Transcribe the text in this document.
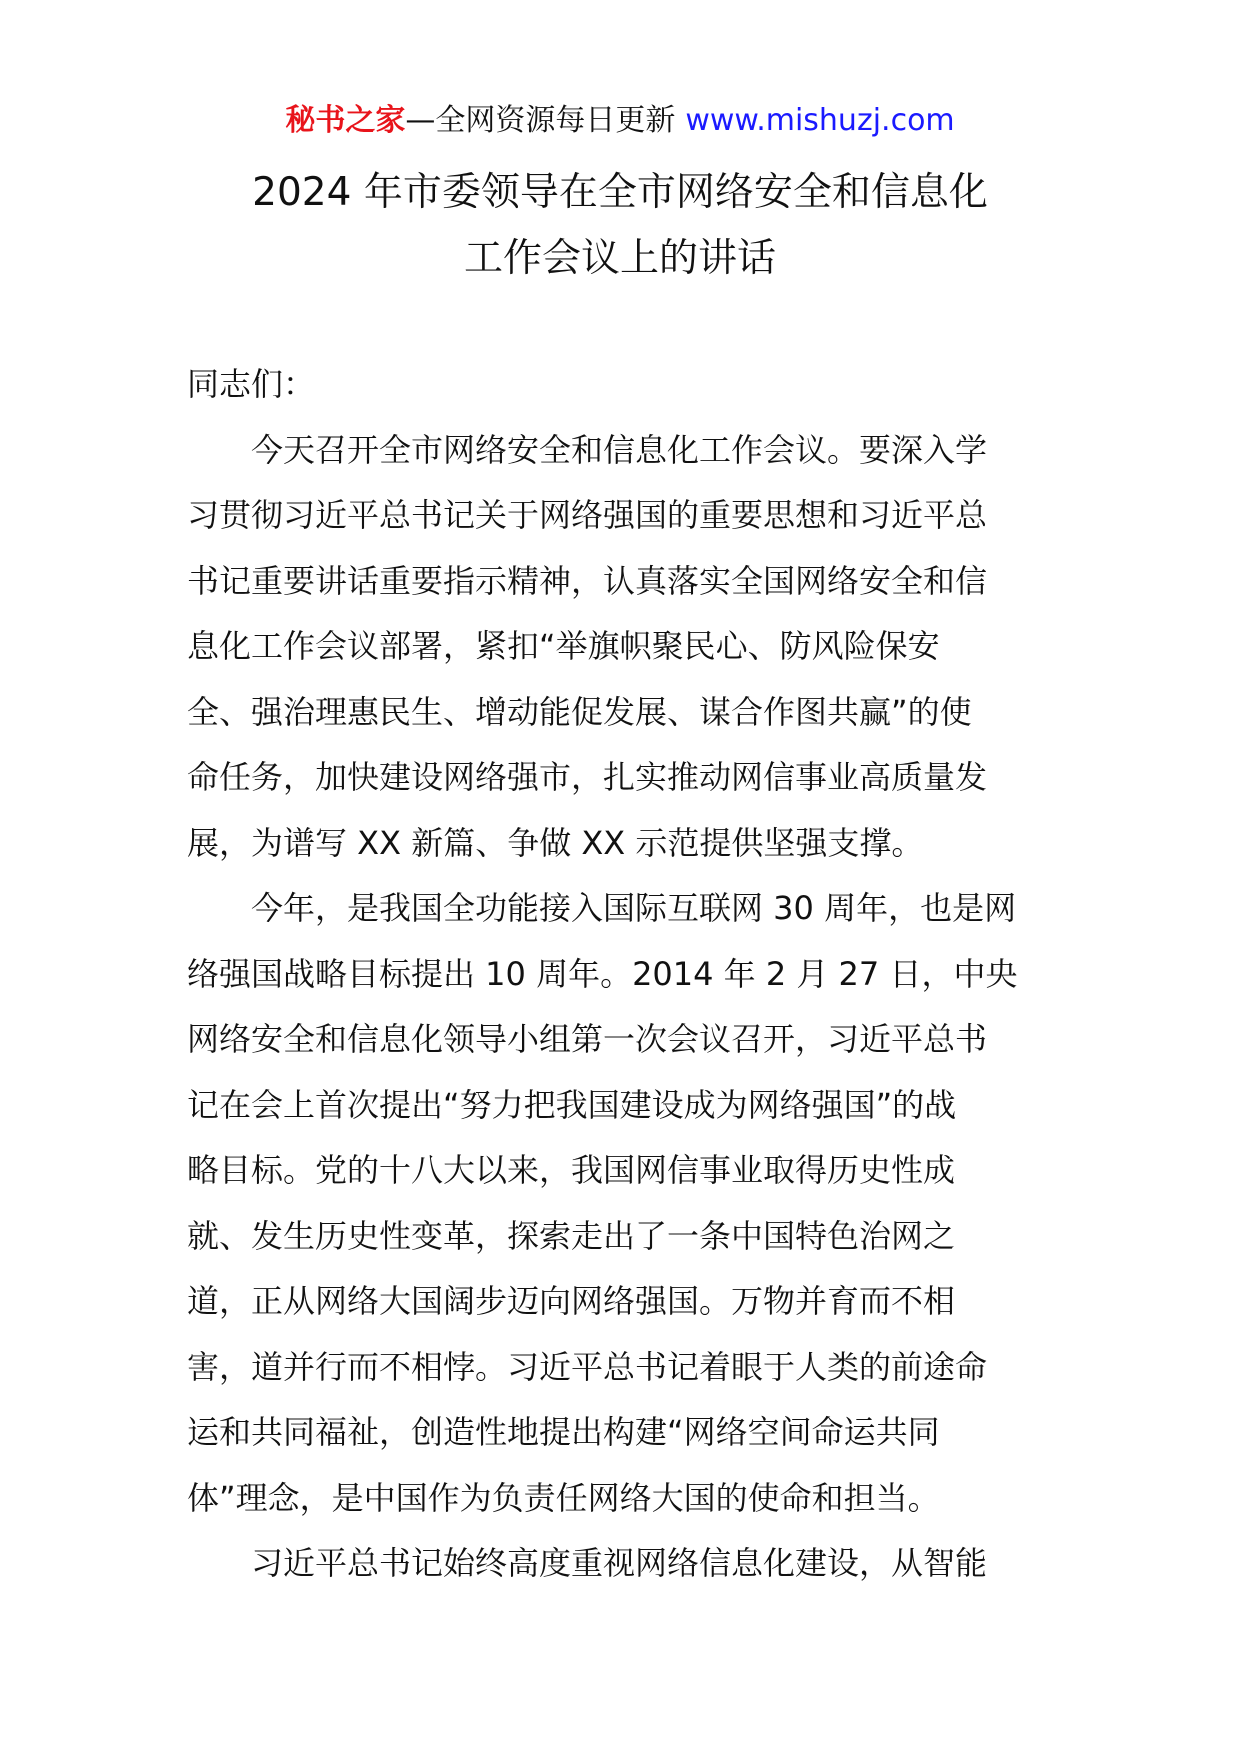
秘书之家—全网资源每日更新 www.mishuzj.com
2024 年市委领导在全市网络安全和信息化
工作会议上的讲话

同志们：

今天召开全市网络安全和信息化工作会议。要深入学
习贯彻习近平总书记关于网络强国的重要思想和习近平总
书记重要讲话重要指示精神，认真落实全国网络安全和信
息化工作会议部署，紧扣“举旗帜聚民心、防风险保安
全、强治理惠民生、增动能促发展、谋合作图共赢”的使
命任务，加快建设网络强市，扎实推动网信事业高质量发
展，为谱写 XX 新篇、争做 XX 示范提供坚强支撑。

今年，是我国全功能接入国际互联网 30 周年，也是网
络强国战略目标提出 10 周年。2014 年 2 月 27 日，中央
网络安全和信息化领导小组第一次会议召开，习近平总书
记在会上首次提出“努力把我国建设成为网络强国”的战
略目标。党的十八大以来，我国网信事业取得历史性成
就、发生历史性变革，探索走出了一条中国特色治网之
道，正从网络大国阔步迈向网络强国。万物并育而不相
害，道并行而不相悖。习近平总书记着眼于人类的前途命
运和共同福祉，创造性地提出构建“网络空间命运共同
体”理念，是中国作为负责任网络大国的使命和担当。

习近平总书记始终高度重视网络信息化建设，从智能
